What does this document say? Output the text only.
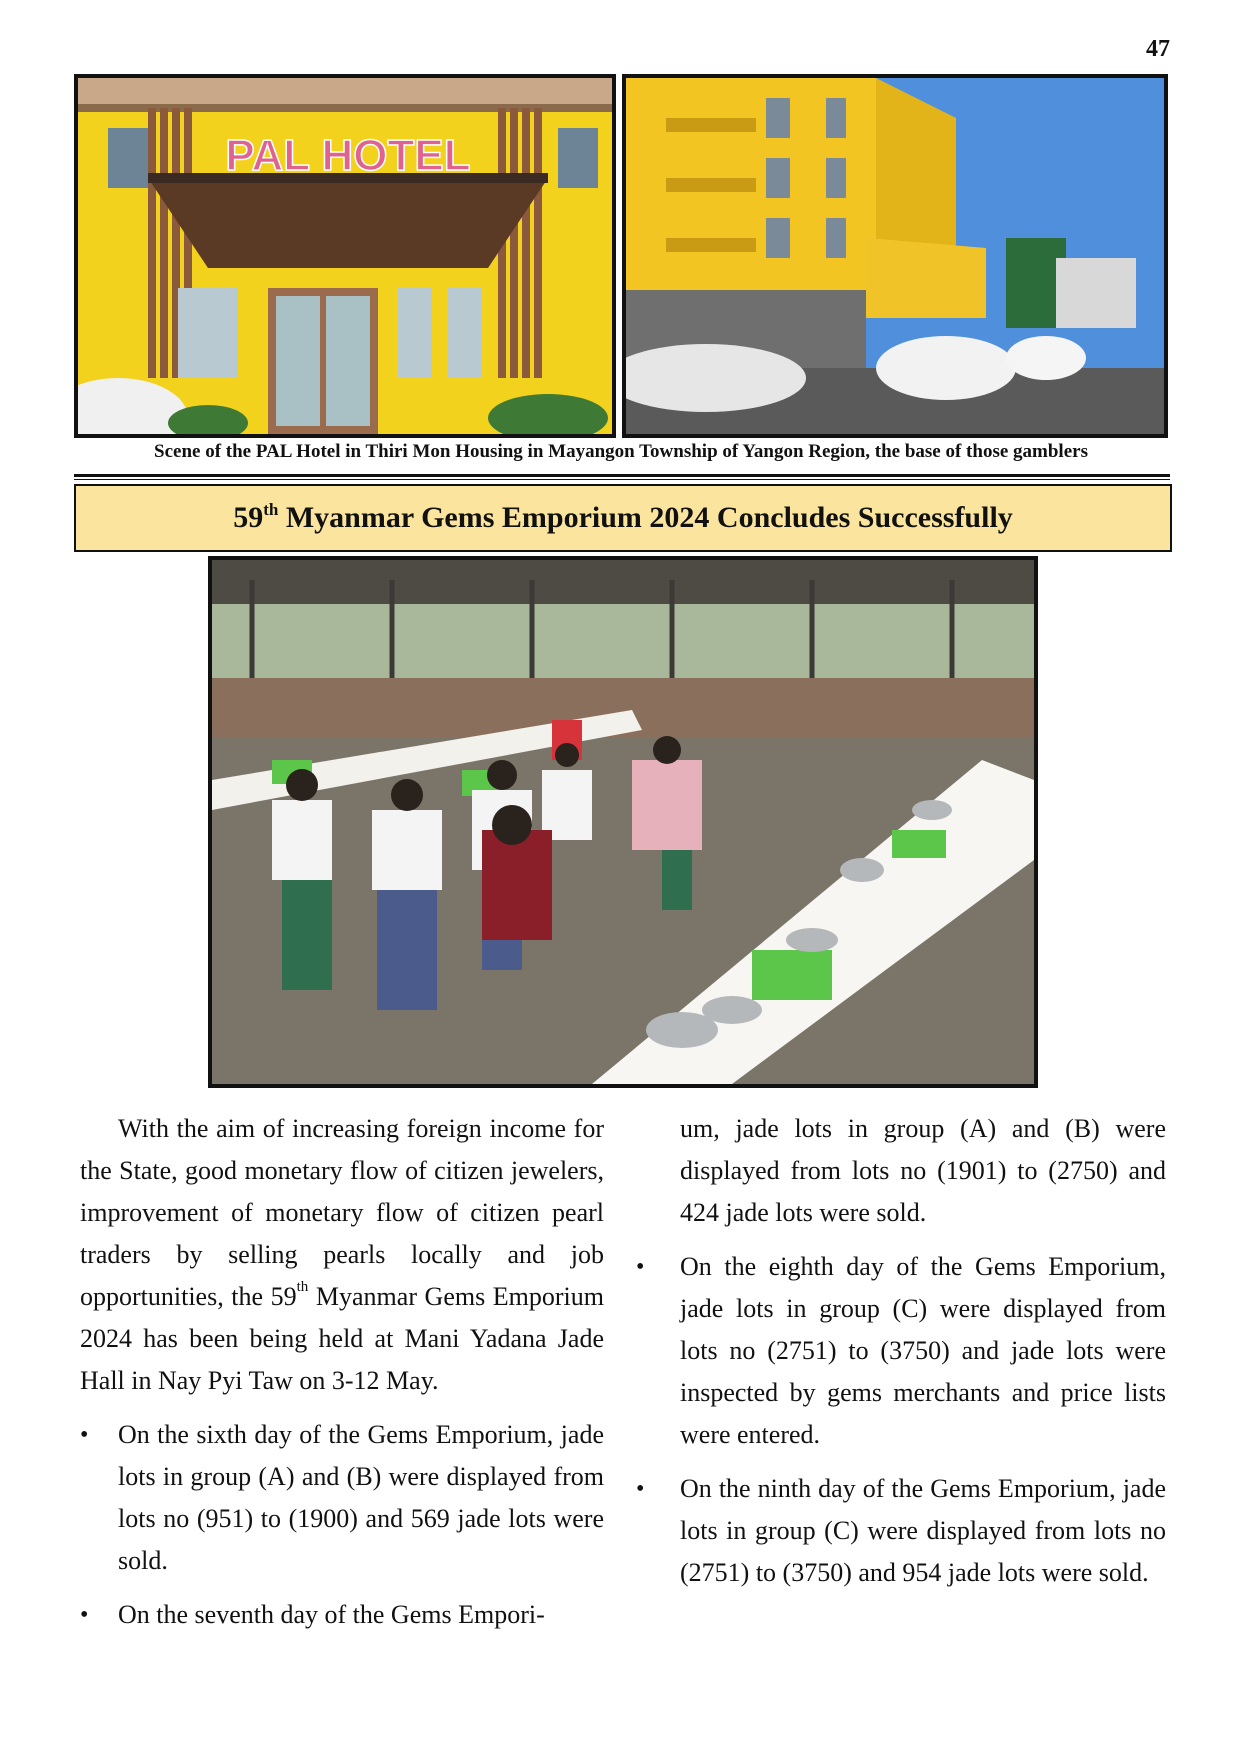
47
PAL HOTEL
Scene of the PAL Hotel in Thiri Mon Housing in Mayangon Township of Yangon Region, the base of those gamblers
59th Myanmar Gems Emporium 2024 Concludes Successfully

With the aim of increasing foreign income for the State, good monetary flow of citizen jewelers, improvement of monetary flow of citizen pearl traders by selling pearls locally and job opportunities, the 59th Myanmar Gems Emporium 2024 has been being held at Mani Yadana Jade Hall in Nay Pyi Taw on 3-12 May.

• On the sixth day of the Gems Emporium, jade lots in group (A) and (B) were displayed from lots no (951) to (1900) and 569 jade lots were sold.
• On the seventh day of the Gems Empori-
um, jade lots in group (A) and (B) were displayed from lots no (1901) to (2750) and 424 jade lots were sold.
• On the eighth day of the Gems Emporium, jade lots in group (C) were displayed from lots no (2751) to (3750) and jade lots were inspected by gems merchants and price lists were entered.
• On the ninth day of the Gems Emporium, jade lots in group (C) were displayed from lots no (2751) to (3750) and 954 jade lots were sold.
